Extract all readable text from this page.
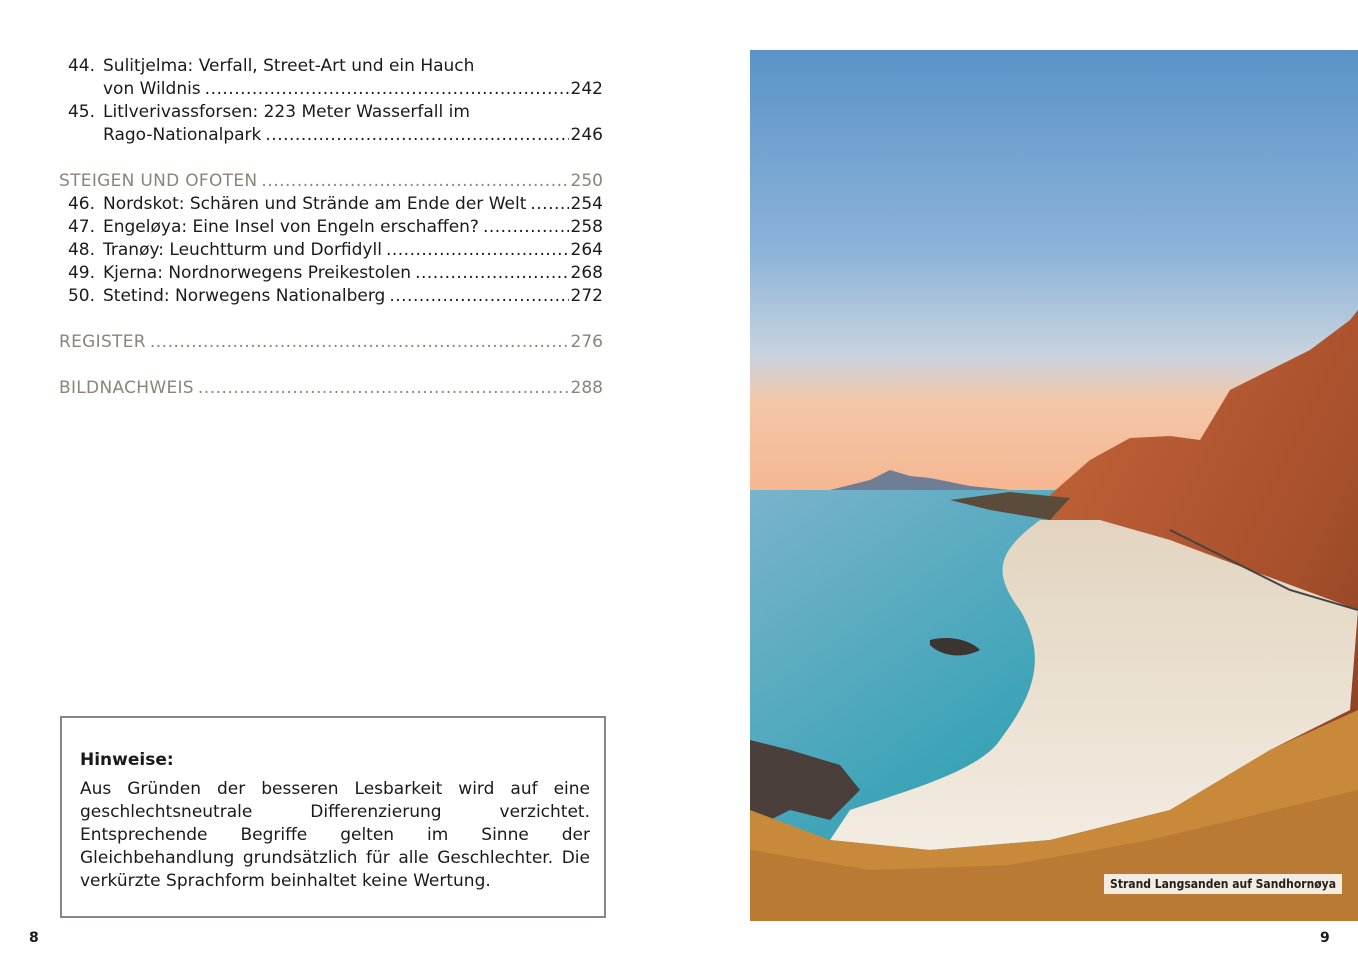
44. Sulitjelma: Verfall, Street-Art und ein Hauch
von Wildnis .....	242
45. Litlverivassforsen: 223 Meter Wasserfall im
Rago-Nationalpark .....	246
STEIGEN UND OFOTEN .....	250
46. Nordskot: Schären und Strände am Ende der Welt .....	254
47. Engeløya: Eine Insel von Engeln erschaffen? .....	258
48. Tranøy: Leuchtturm und Dorfidyll .....	264
49. Kjerna: Nordnorwegens Preikestolen .....	268
50. Stetind: Norwegens Nationalberg .....	272
REGISTER .....	276
BILDNACHWEIS .....	288
Hinweise:
Aus Gründen der besseren Lesbarkeit wird auf eine geschlechtsneutrale Differenzierung verzichtet. Entsprechende Begriffe gelten im Sinne der Gleichbehandlung grundsätzlich für alle Geschlechter. Die verkürzte Sprachform beinhaltet keine Wertung.
8
Strand Langsanden auf Sandhornøya
9
